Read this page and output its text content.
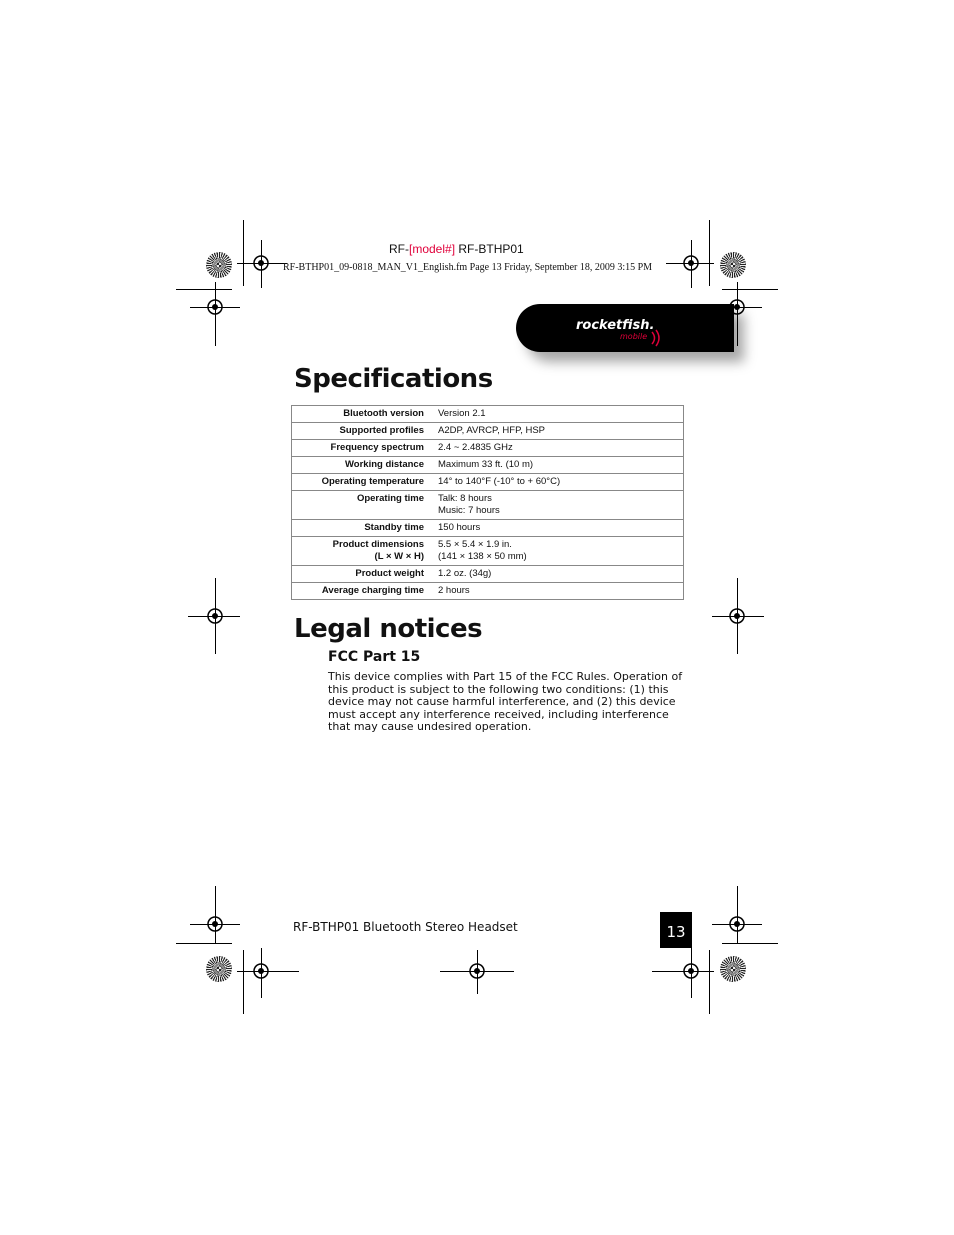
RF-[model#] RF-BTHP01
RF-BTHP01_09-0818_MAN_V1_English.fm Page 13 Friday, September 18, 2009 3:15 PM
rocketfish.
mobile
Specifications
Bluetooth version	Version 2.1

Supported profiles	A2DP, AVRCP, HFP, HSP

Frequency spectrum	2.4 ~ 2.4835 GHz

Working distance	Maximum 33 ft. (10 m)

Operating temperature	14° to 140°F (-10° to + 60°C)

Operating time	Talk: 8 hours
Music: 7 hours

Standby time	150 hours

Product dimensions
(L × W × H)	5.5 × 5.4 × 1.9 in.
(141 × 138 × 50 mm)

Product weight	1.2 oz. (34g)

Average charging time	2 hours
Legal notices
FCC Part 15

This device complies with Part 15 of the FCC Rules. Operation of this product is subject to the following two conditions: (1) this device may not cause harmful interference, and (2) this device must accept any interference received, including interference that may cause undesired operation.

RF-BTHP01 Bluetooth Stereo Headset	13
